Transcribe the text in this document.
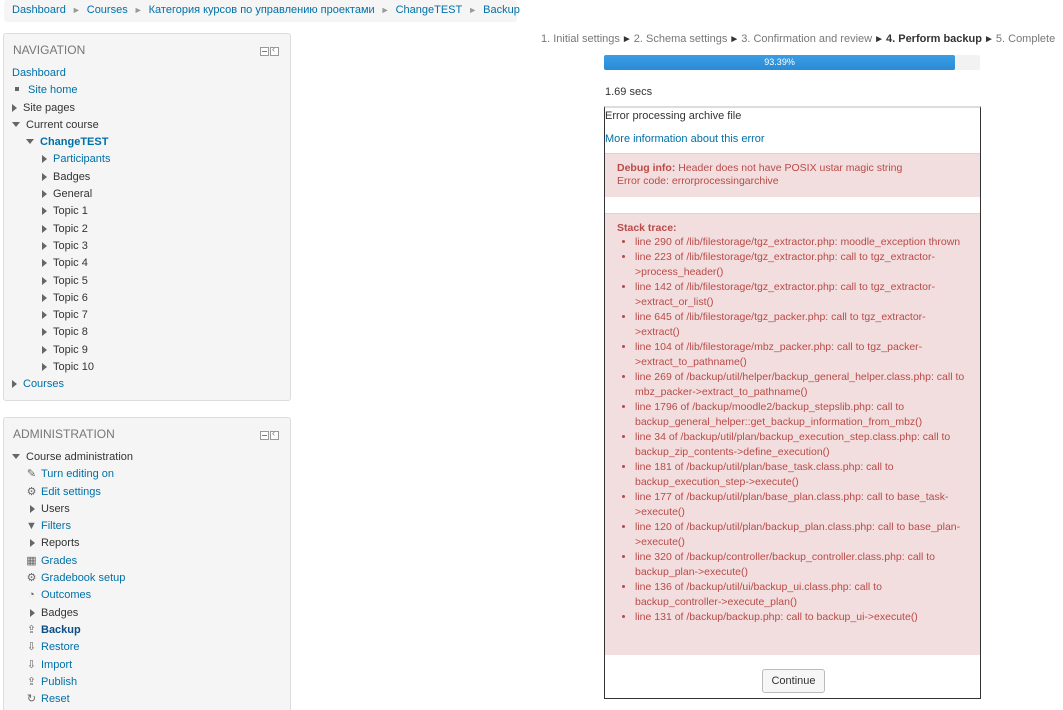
Dashboard ► Courses ► Категория курсов по управлению проектами ► ChangeTEST ► Backup
NAVIGATION
‹
Dashboard
Site home
Site pages
Current course
ChangeTEST
Participants
Badges
General
Topic 1
Topic 2
Topic 3
Topic 4
Topic 5
Topic 6
Topic 7
Topic 8
Topic 9
Topic 10
Courses
ADMINISTRATION
‹
Course administration
✎ Turn editing on
⚙ Edit settings
Users
▼ Filters
Reports
▦ Grades
⚙ Gradebook setup
◔ Outcomes
Badges
⇪ Backup
⇩ Restore
⇩ Import
⇪ Publish
↻ Reset
1. Initial settings ► 2. Schema settings ► 3. Confirmation and review ► 4. Perform backup ► 5. Complete
93.39%
1.69 secs
Error processing archive file
More information about this error
Debug info: Header does not have POSIX ustar magic string
Error code: errorprocessingarchive
Stack trace:
• line 290 of /lib/filestorage/tgz_extractor.php: moodle_exception thrown
• line 223 of /lib/filestorage/tgz_extractor.php: call to tgz_extractor->process_header()
• line 142 of /lib/filestorage/tgz_extractor.php: call to tgz_extractor->extract_or_list()
• line 645 of /lib/filestorage/tgz_packer.php: call to tgz_extractor->extract()
• line 104 of /lib/filestorage/mbz_packer.php: call to tgz_packer->extract_to_pathname()
• line 269 of /backup/util/helper/backup_general_helper.class.php: call to mbz_packer->extract_to_pathname()
• line 1796 of /backup/moodle2/backup_stepslib.php: call to backup_general_helper::get_backup_information_from_mbz()
• line 34 of /backup/util/plan/backup_execution_step.class.php: call to backup_zip_contents->define_execution()
• line 181 of /backup/util/plan/base_task.class.php: call to backup_execution_step->execute()
• line 177 of /backup/util/plan/base_plan.class.php: call to base_task->execute()
• line 120 of /backup/util/plan/backup_plan.class.php: call to base_plan->execute()
• line 320 of /backup/controller/backup_controller.class.php: call to backup_plan->execute()
• line 136 of /backup/util/ui/backup_ui.class.php: call to backup_controller->execute_plan()
• line 131 of /backup/backup.php: call to backup_ui->execute()
Continue
